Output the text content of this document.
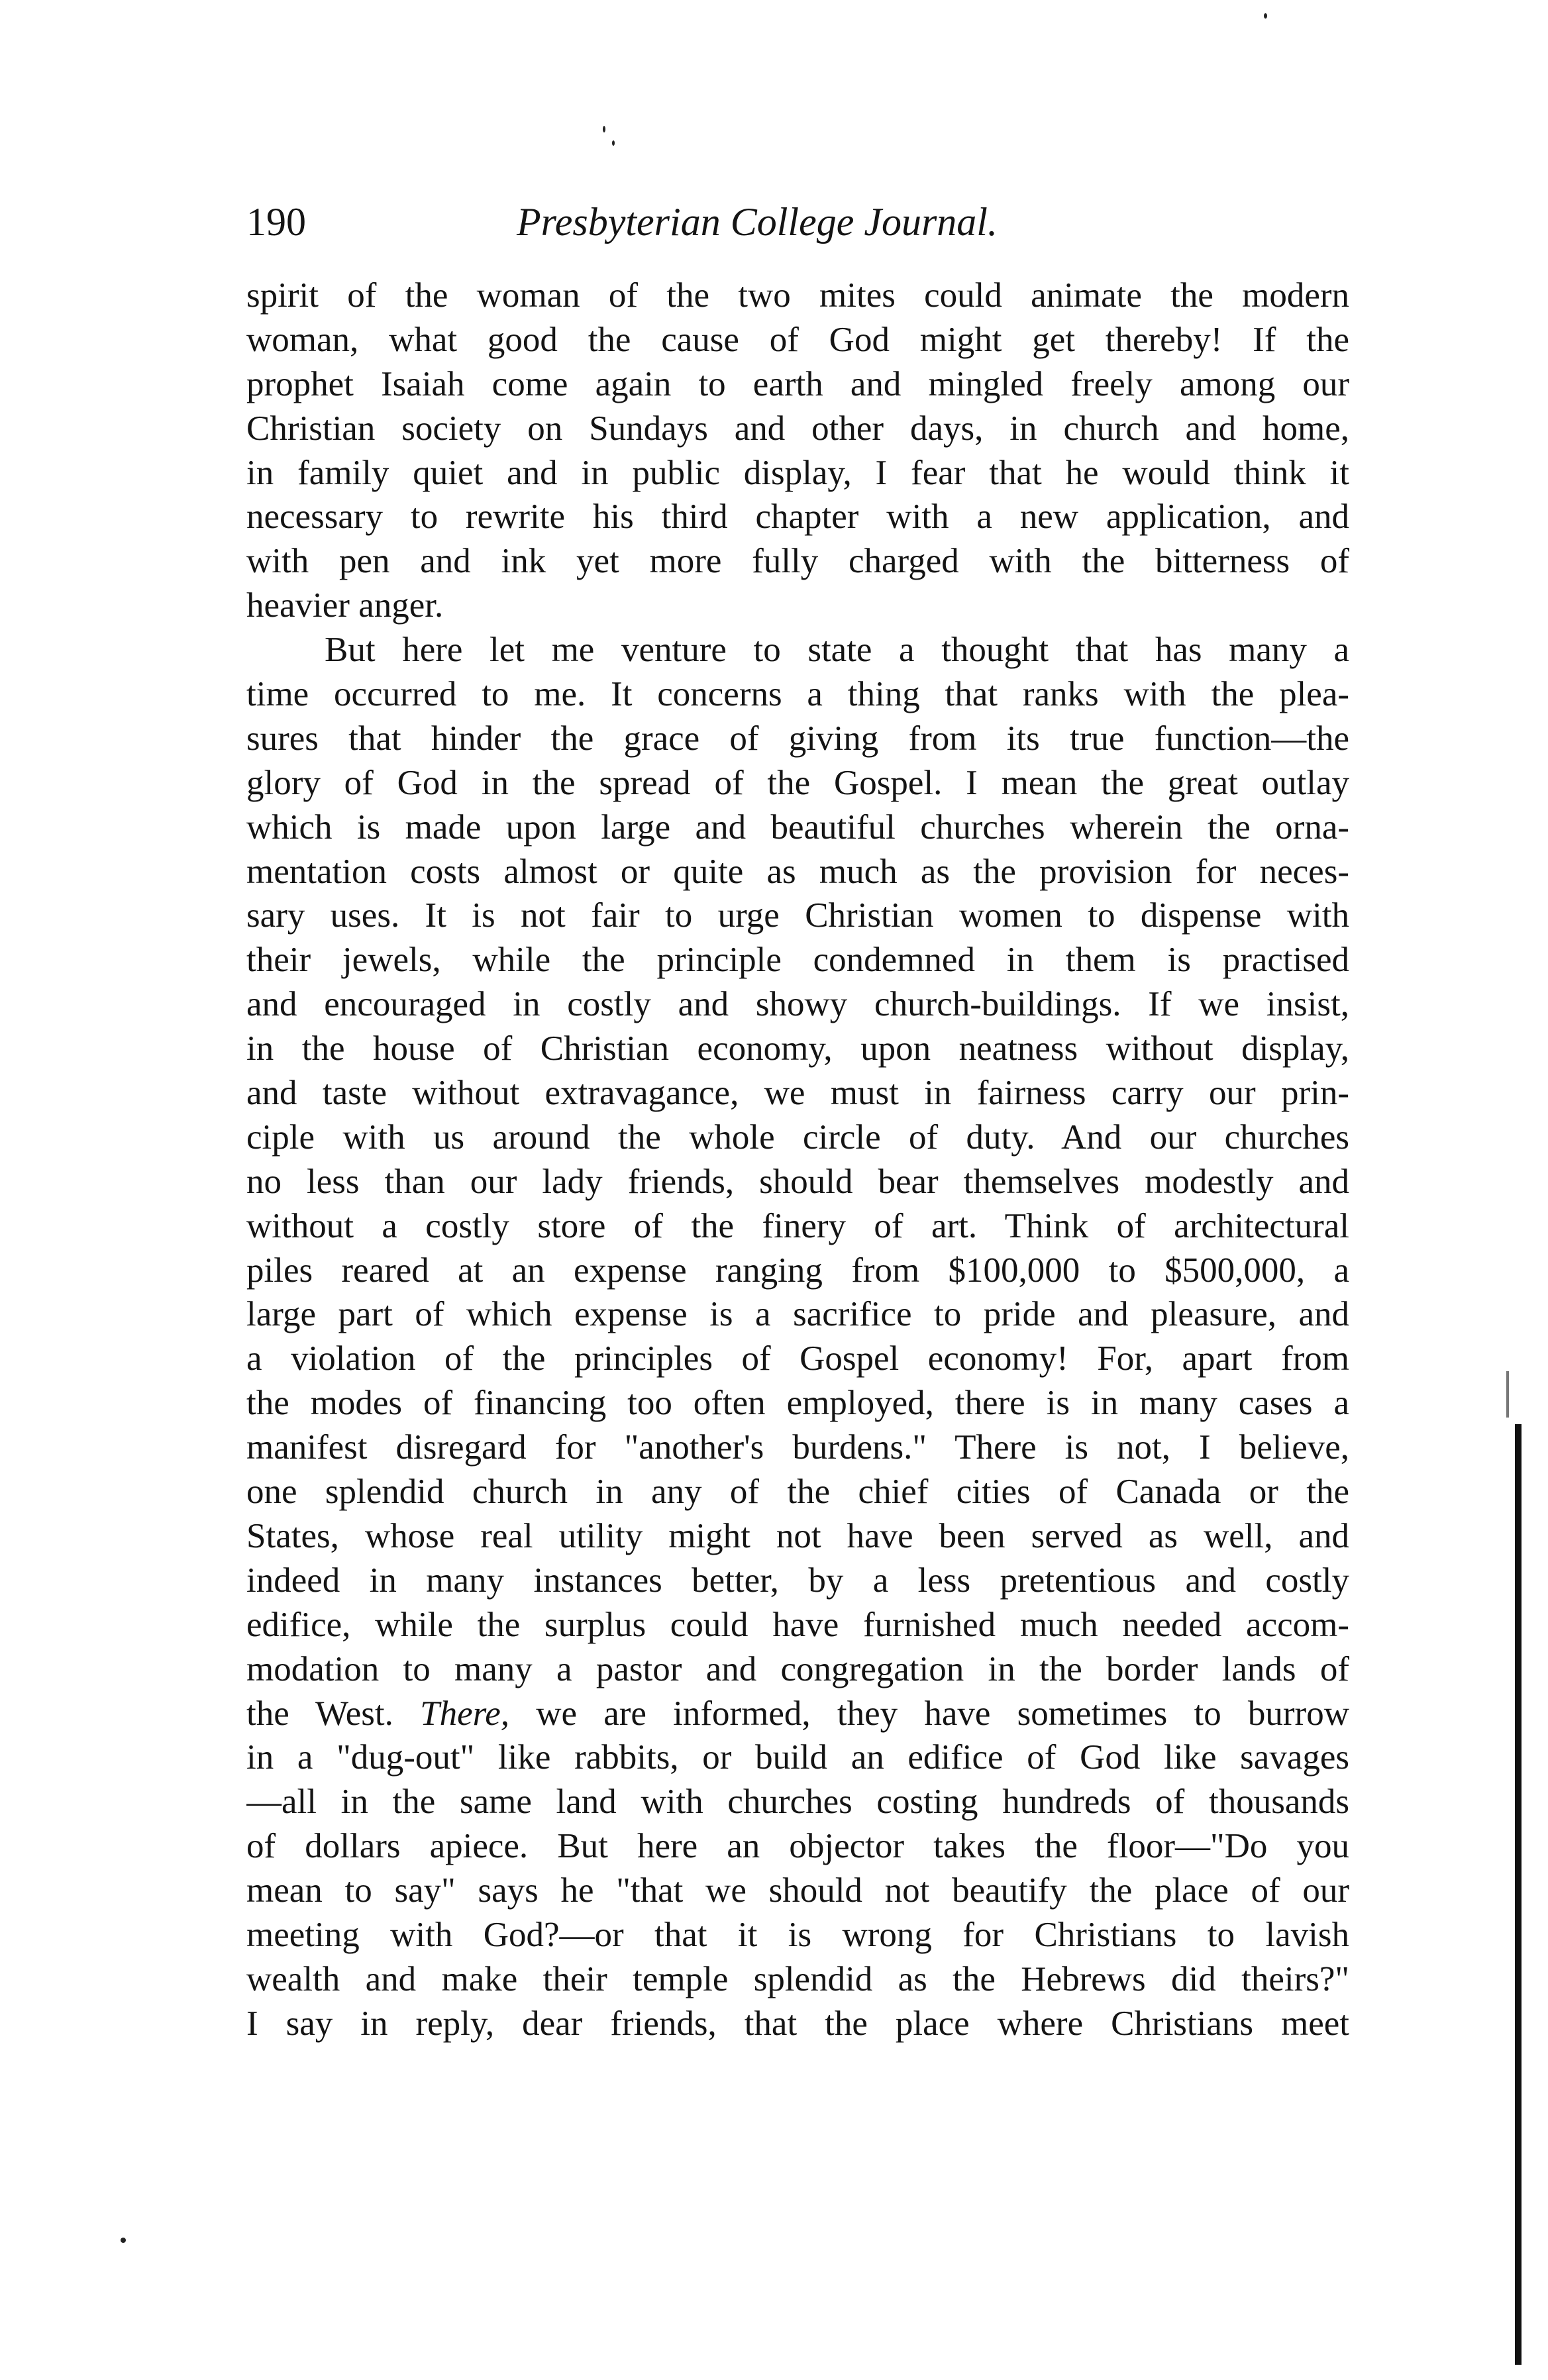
190	Presbyterian College Journal.
spirit of the woman of the two mites could animate the modern
woman, what good the cause of God might get thereby! If the
prophet Isaiah come again to earth and mingled freely among our
Christian society on Sundays and other days, in church and home,
in family quiet and in public display, I fear that he would think it
necessary to rewrite his third chapter with a new application, and
with pen and ink yet more fully charged with the bitterness of
heavier anger.
But here let me venture to state a thought that has many a
time occurred to me. It concerns a thing that ranks with the plea-
sures that hinder the grace of giving from its true function—the
glory of God in the spread of the Gospel. I mean the great outlay
which is made upon large and beautiful churches wherein the orna-
mentation costs almost or quite as much as the provision for neces-
sary uses. It is not fair to urge Christian women to dispense with
their jewels, while the principle condemned in them is practised
and encouraged in costly and showy church-buildings. If we insist,
in the house of Christian economy, upon neatness without display,
and taste without extravagance, we must in fairness carry our prin-
ciple with us around the whole circle of duty. And our churches
no less than our lady friends, should bear themselves modestly and
without a costly store of the finery of art. Think of architectural
piles reared at an expense ranging from $100,000 to $500,000, a
large part of which expense is a sacrifice to pride and pleasure, and
a violation of the principles of Gospel economy! For, apart from
the modes of financing too often employed, there is in many cases a
manifest disregard for "another's burdens." There is not, I believe,
one splendid church in any of the chief cities of Canada or the
States, whose real utility might not have been served as well, and
indeed in many instances better, by a less pretentious and costly
edifice, while the surplus could have furnished much needed accom-
modation to many a pastor and congregation in the border lands of
the West. There, we are informed, they have sometimes to burrow
in a "dug-out" like rabbits, or build an edifice of God like savages
—all in the same land with churches costing hundreds of thousands
of dollars apiece. But here an objector takes the floor—"Do you
mean to say" says he "that we should not beautify the place of our
meeting with God?—or that it is wrong for Christians to lavish
wealth and make their temple splendid as the Hebrews did theirs?"
I say in reply, dear friends, that the place where Christians meet
